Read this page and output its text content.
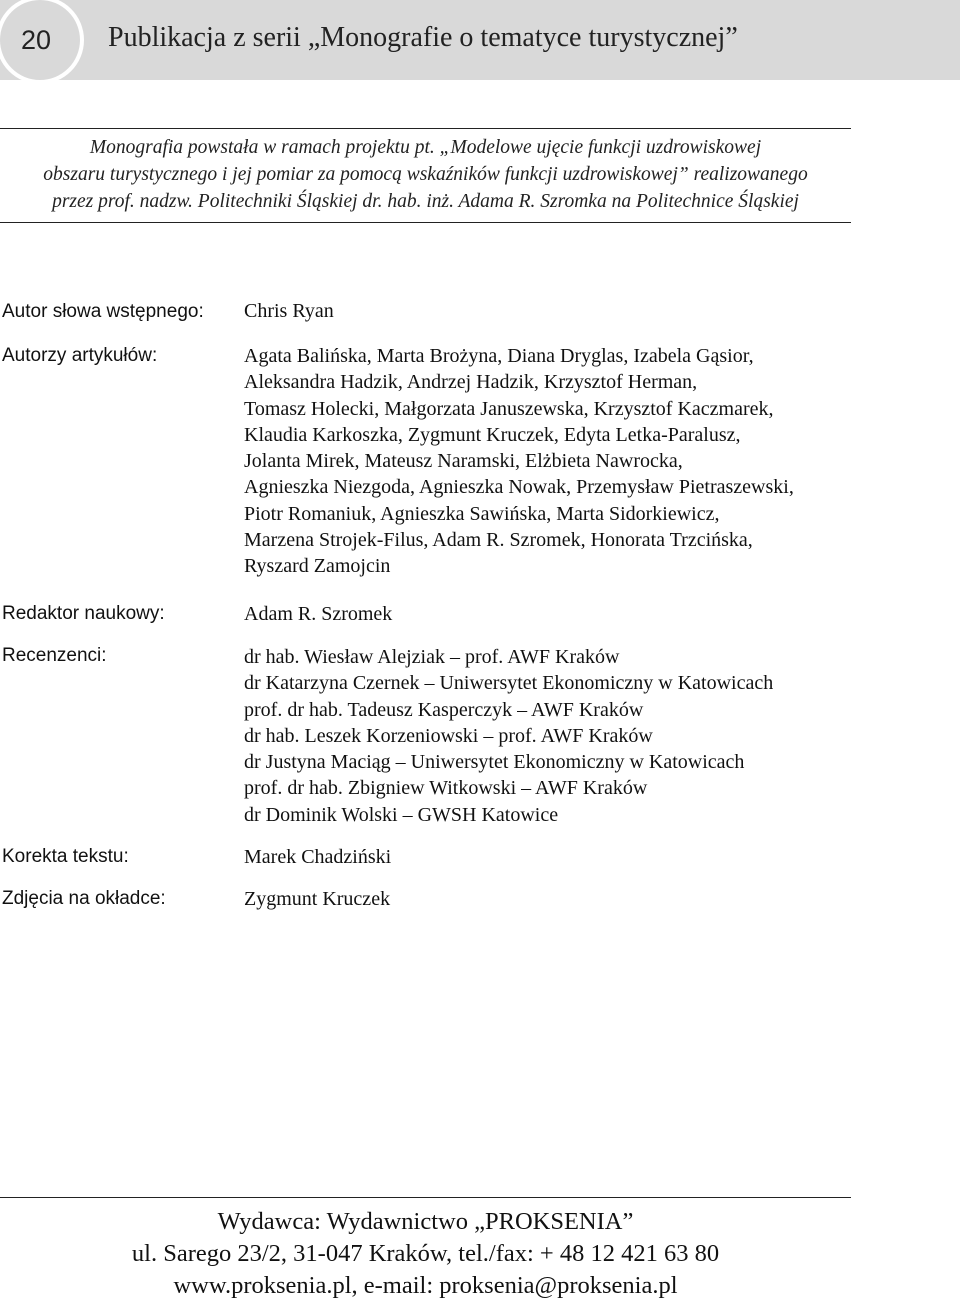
20 Publikacja z serii „Monografie o tematyce turystycznej”
Monografia powstała w ramach projektu pt. „Modelowe ujęcie funkcji uzdrowiskowej
obszaru turystycznego i jej pomiar za pomocą wskaźników funkcji uzdrowiskowej” realizowanego
przez prof. nadzw. Politechniki Śląskiej dr. hab. inż. Adama R. Szromka na Politechnice Śląskiej
Autor słowa wstępnego: Chris Ryan
Autorzy artykułów:	Agata Balińska, Marta Brożyna, Diana Dryglas, Izabela Gąsior,
Aleksandra Hadzik, Andrzej Hadzik, Krzysztof Herman,
Tomasz Holecki, Małgorzata Januszewska, Krzysztof Kaczmarek,
Klaudia Karkoszka, Zygmunt Kruczek, Edyta Letka-Paralusz,
Jolanta Mirek, Mateusz Naramski, Elżbieta Nawrocka,
Agnieszka Niezgoda, Agnieszka Nowak, Przemysław Pietraszewski,
Piotr Romaniuk, Agnieszka Sawińska, Marta Sidorkiewicz,
Marzena Strojek-Filus, Adam R. Szromek, Honorata Trzcińska,
Ryszard Zamojcin
Redaktor naukowy:	Adam R. Szromek
Recenzenci:	dr hab. Wiesław Alejziak – prof. AWF Kraków
dr Katarzyna Czernek – Uniwersytet Ekonomiczny w Katowicach
prof. dr hab. Tadeusz Kasperczyk – AWF Kraków
dr hab. Leszek Korzeniowski – prof. AWF Kraków
dr Justyna Maciąg – Uniwersytet Ekonomiczny w Katowicach
prof. dr hab. Zbigniew Witkowski – AWF Kraków
dr Dominik Wolski – GWSH Katowice
Korekta tekstu:	Marek Chadziński
Zdjęcia na okładce:	Zygmunt Kruczek
Wydawca: Wydawnictwo „PROKSENIA”
ul. Sarego 23/2, 31-047 Kraków, tel./fax: + 48 12 421 63 80
www.proksenia.pl, e-mail: proksenia@proksenia.pl
